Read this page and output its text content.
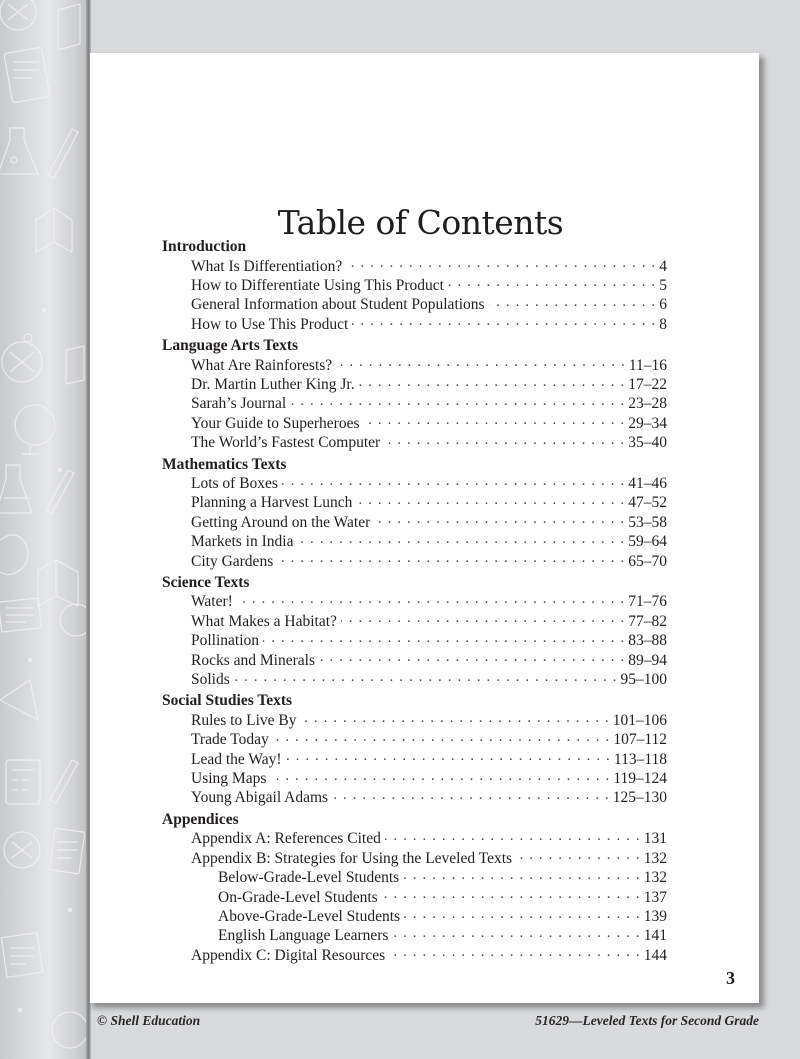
Table of Contents
Introduction
What Is Differentiation? . . .	4
How to Differentiate Using This Product . . .	5
General Information about Student Populations . . .	6
How to Use This Product . . .	8
Language Arts Texts
What Are Rainforests? . . .	11–16
Dr. Martin Luther King Jr. . . .	17–22
Sarah’s Journal . . .	23–28
Your Guide to Superheroes . . .	29–34
The World’s Fastest Computer . . .	35–40
Mathematics Texts
Lots of Boxes . . .	41–46
Planning a Harvest Lunch . . .	47–52
Getting Around on the Water . . .	53–58
Markets in India . . .	59–64
City Gardens . . .	65–70
Science Texts
Water! . . .	71–76
What Makes a Habitat? . . .	77–82
Pollination . . .	83–88
Rocks and Minerals . . .	89–94
Solids . . .	95–100
Social Studies Texts
Rules to Live By . . .	101–106
Trade Today . . .	107–112
Lead the Way! . . .	113–118
Using Maps . . .	119–124
Young Abigail Adams . . .	125–130
Appendices
Appendix A: References Cited . . .	131
Appendix B: Strategies for Using the Leveled Texts . . .	132
Below-Grade-Level Students . . .	132
On-Grade-Level Students . . .	137
Above-Grade-Level Students . . .	139
English Language Learners . . .	141
Appendix C: Digital Resources . . .	144
3
© Shell Education	51629—Leveled Texts for Second Grade
